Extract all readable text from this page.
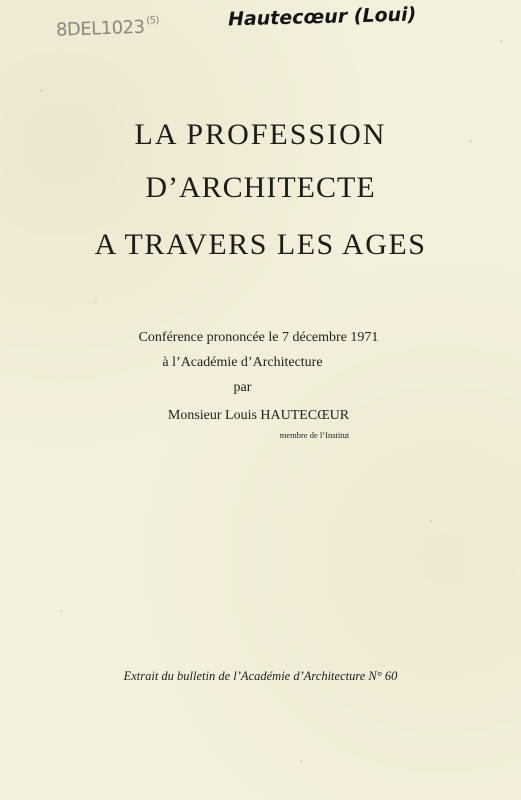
8DEL1023$^{(5)}$	Hautecœur (Loui)
LA PROFESSION
D’ARCHITECTE
A TRAVERS LES AGES
Conférence prononcée le 7 décembre 1971
à l’Académie d’Architecture
par
Monsieur Louis HAUTECŒUR
membre de l’Institut
Extrait du bulletin de l’Académie d’Architecture N° 60
